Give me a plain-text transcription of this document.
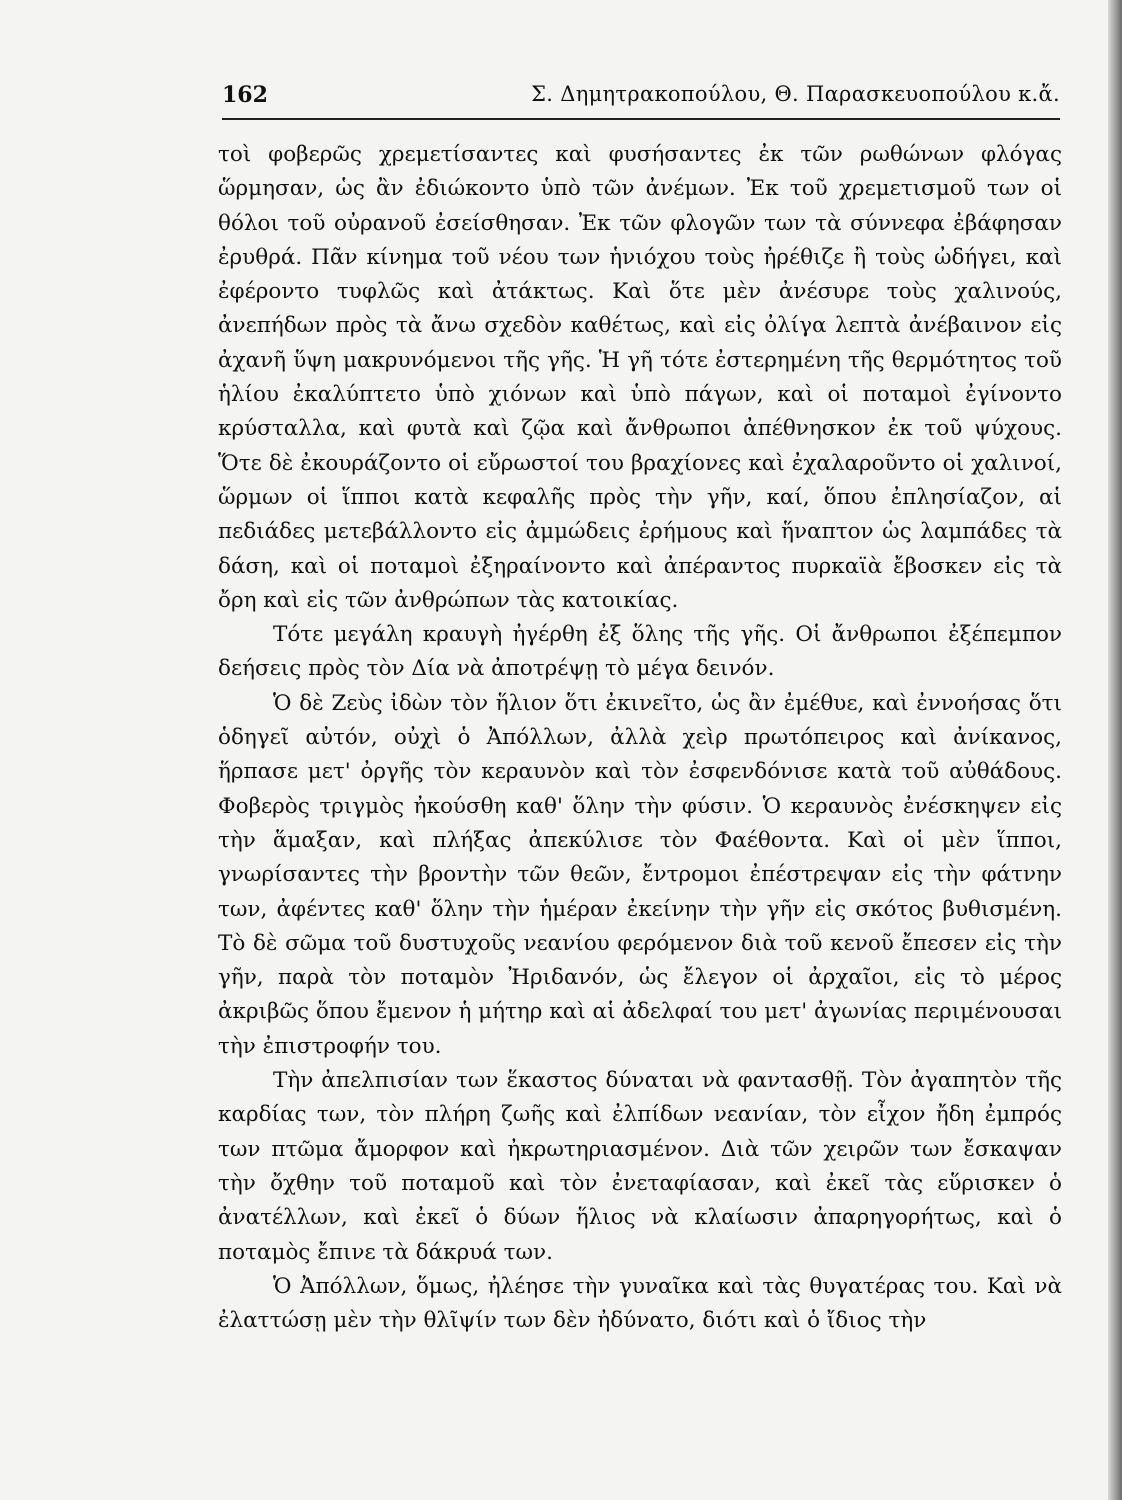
162	Σ. Δημητρακοπούλου, Θ. Παρασκευοπούλου κ.ἄ.

τοὶ φοβερῶς χρεμετίσαντες καὶ φυσήσαντες ἐκ τῶν ρωθώνων φλόγας ὥρμησαν, ὡς ἂν ἐδιώκοντο ὑπὸ τῶν ἀνέμων. Ἐκ τοῦ χρεμετισμοῦ των οἱ θόλοι τοῦ οὐρανοῦ ἐσείσθησαν. Ἐκ τῶν φλογῶν των τὰ σύννεφα ἐβάφησαν ἐρυθρά. Πᾶν κίνημα τοῦ νέου των ἡνιόχου τοὺς ἠρέθιζε ἢ τοὺς ὠδήγει, καὶ ἐφέροντο τυφλῶς καὶ ἀτάκτως. Καὶ ὅτε μὲν ἀνέσυρε τοὺς χαλινούς, ἀνεπήδων πρὸς τὰ ἄνω σχεδὸν καθέτως, καὶ εἰς ὀλίγα λεπτὰ ἀνέβαινον εἰς ἀχανῆ ὕψη μακρυνόμενοι τῆς γῆς. Ἡ γῆ τότε ἐστερημένη τῆς θερμότητος τοῦ ἡλίου ἐκαλύπτετο ὑπὸ χιόνων καὶ ὑπὸ πάγων, καὶ οἱ ποταμοὶ ἐγίνοντο κρύσταλλα, καὶ φυτὰ καὶ ζῷα καὶ ἄνθρωποι ἀπέθνησκον ἐκ τοῦ ψύχους. Ὅτε δὲ ἐκουράζοντο οἱ εὔρωστοί του βραχίονες καὶ ἐχαλαροῦντο οἱ χαλινοί, ὥρμων οἱ ἵπποι κατὰ κεφαλῆς πρὸς τὴν γῆν, καί, ὅπου ἐπλησίαζον, αἱ πεδιάδες μετεβάλλοντο εἰς ἀμμώδεις ἐρήμους καὶ ἥναπτον ὡς λαμπάδες τὰ δάση, καὶ οἱ ποταμοὶ ἐξηραίνοντο καὶ ἀπέραντος πυρκαϊὰ ἔβοσκεν εἰς τὰ ὄρη καὶ εἰς τῶν ἀνθρώπων τὰς κατοικίας.

Τότε μεγάλη κραυγὴ ἠγέρθη ἐξ ὅλης τῆς γῆς. Οἱ ἄνθρωποι ἐξέπεμπον δεήσεις πρὸς τὸν Δία νὰ ἀποτρέψῃ τὸ μέγα δεινόν.

Ὁ δὲ Ζεὺς ἰδὼν τὸν ἥλιον ὅτι ἐκινεῖτο, ὡς ἂν ἐμέθυε, καὶ ἐννοήσας ὅτι ὁδηγεῖ αὐτόν, οὐχὶ ὁ Ἀπόλλων, ἀλλὰ χεὶρ πρωτόπειρος καὶ ἀνίκανος, ἥρπασε μετ' ὀργῆς τὸν κεραυνὸν καὶ τὸν ἐσφενδόνισε κατὰ τοῦ αὐθάδους. Φοβερὸς τριγμὸς ἠκούσθη καθ' ὅλην τὴν φύσιν. Ὁ κεραυνὸς ἐνέσκηψεν εἰς τὴν ἅμαξαν, καὶ πλήξας ἀπεκύλισε τὸν Φαέθοντα. Καὶ οἱ μὲν ἵπποι, γνωρίσαντες τὴν βροντὴν τῶν θεῶν, ἔντρομοι ἐπέστρεψαν εἰς τὴν φάτνην των, ἀφέντες καθ' ὅλην τὴν ἡμέραν ἐκείνην τὴν γῆν εἰς σκότος βυθισμένη. Τὸ δὲ σῶμα τοῦ δυστυχοῦς νεανίου φερόμενον διὰ τοῦ κενοῦ ἔπεσεν εἰς τὴν γῆν, παρὰ τὸν ποταμὸν Ἠριδανόν, ὡς ἔλεγον οἱ ἀρχαῖοι, εἰς τὸ μέρος ἀκριβῶς ὅπου ἔμενον ἡ μήτηρ καὶ αἱ ἀδελφαί του μετ' ἀγωνίας περιμένουσαι τὴν ἐπιστροφήν του.

Τὴν ἀπελπισίαν των ἕκαστος δύναται νὰ φαντασθῇ. Τὸν ἀγαπητὸν τῆς καρδίας των, τὸν πλήρη ζωῆς καὶ ἐλπίδων νεανίαν, τὸν εἶχον ἤδη ἐμπρός των πτῶμα ἄμορφον καὶ ἠκρωτηριασμένον. Διὰ τῶν χειρῶν των ἔσκαψαν τὴν ὄχθην τοῦ ποταμοῦ καὶ τὸν ἐνεταφίασαν, καὶ ἐκεῖ τὰς εὕρισκεν ὁ ἀνατέλλων, καὶ ἐκεῖ ὁ δύων ἥλιος νὰ κλαίωσιν ἀπαρηγορήτως, καὶ ὁ ποταμὸς ἔπινε τὰ δάκρυά των.

Ὁ Ἀπόλλων, ὅμως, ἠλέησε τὴν γυναῖκα καὶ τὰς θυγατέρας του. Καὶ νὰ ἐλαττώσῃ μὲν τὴν θλῖψίν των δὲν ἠδύνατο, διότι καὶ ὁ ἴδιος τὴν
